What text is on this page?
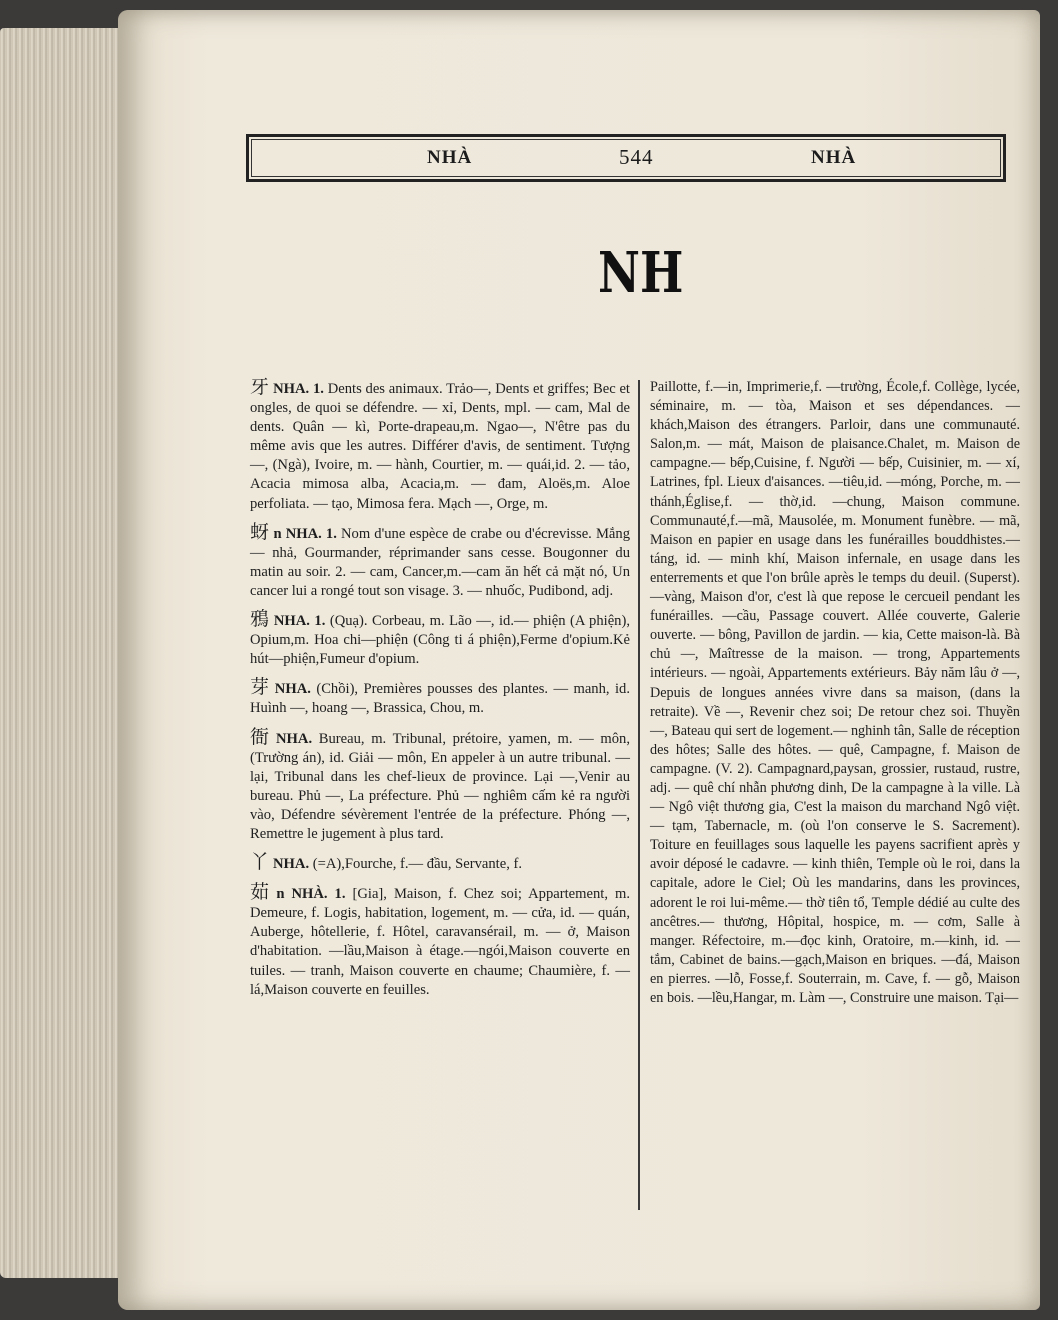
NHÀ	544	NHÀ
NH

牙 NHA. 1. Dents des animaux. Trảo—, Dents et griffes; Bec et ongles, de quoi se défendre. — xỉ, Dents, mpl. — cam, Mal de dents. Quân — kì, Porte-drapeau,m. Ngao—, N'être pas du même avis que les autres. Différer d'avis, de sentiment. Tượng —, (Ngà), Ivoire, m. — hành, Courtier, m. — quái,id. 2. — tảo, Acacia mimosa alba, Acacia,m. — đam, Aloës,m. Aloe perfoliata. — tạo, Mimosa fera. Mạch —, Orge, m.

蚜 n NHA. 1. Nom d'une espèce de crabe ou d'écrevisse. Mắng— nhả, Gourmander, réprimander sans cesse. Bougonner du matin au soir. 2. — cam, Cancer,m.—cam ăn hết cả mặt nó, Un cancer lui a rongé tout son visage. 3. — nhuốc, Pudibond, adj.

鴉 NHA. 1. (Quạ). Corbeau, m. Lão —, id.— phiện (A phiện), Opium,m. Hoa chi—phiện (Công ti á phiện),Ferme d'opium.Kẻ hút—phiện,Fumeur d'opium.

芽 NHA. (Chồi), Premières pousses des plantes. — manh, id. Huình —, hoang —, Brassica, Chou, m.

衙 NHA. Bureau, m. Tribunal, prétoire, yamen, m. — môn, (Trường án), id. Giải — môn, En appeler à un autre tribunal. — lại, Tribunal dans les chef-lieux de province. Lại —,Venir au bureau. Phủ —, La préfecture. Phủ — nghiêm cấm kẻ ra người vào, Défendre sévèrement l'entrée de la préfecture. Phóng —, Remettre le jugement à plus tard.

丫 NHA. (=A),Fourche, f.— đầu, Servante, f.

茹 n NHÀ. 1. [Gia], Maison, f. Chez soi; Appartement, m. Demeure, f. Logis, habitation, logement, m. — cửa, id. — quán, Auberge, hôtellerie, f. Hôtel, caravansérail, m. — ở, Maison d'habitation. —lầu,Maison à étage.—ngói,Maison couverte en tuiles. — tranh, Maison couverte en chaume; Chaumière, f. —lá,Maison couverte en feuilles.

Paillotte, f.—in, Imprimerie,f. —trường, École,f. Collège, lycée, séminaire, m. — tòa, Maison et ses dépendances. — khách,Maison des étrangers. Parloir, dans une communauté. Salon,m. — mát, Maison de plaisance.Chalet, m. Maison de campagne.— bếp,Cuisine, f. Người — bếp, Cuisinier, m. — xí, Latrines, fpl. Lieux d'aisances. —tiêu,id. —móng, Porche, m. — thánh,Église,f. — thờ,id. —chung, Maison commune. Communauté,f.—mã, Mausolée, m. Monument funèbre. — mã, Maison en papier en usage dans les funérailles bouddhistes.— táng, id. — minh khí, Maison infernale, en usage dans les enterrements et que l'on brûle après le temps du deuil. (Superst). —vàng, Maison d'or, c'est là que repose le cercueil pendant les funérailles. —cầu, Passage couvert. Allée couverte, Galerie ouverte. — bông, Pavillon de jardin. — kia, Cette maison-là. Bà chủ —, Maîtresse de la maison. — trong, Appartements intérieurs. — ngoài, Appartements extérieurs. Bảy năm lâu ở —, Depuis de longues années vivre dans sa maison, (dans la retraite). Về —, Revenir chez soi; De retour chez soi. Thuyền —, Bateau qui sert de logement.— nghinh tân, Salle de réception des hôtes; Salle des hôtes. — quê, Campagne, f. Maison de campagne. (V. 2). Campagnard,paysan, grossier, rustaud, rustre, adj. — quê chí nhẫn phương dinh, De la campagne à la ville. Là — Ngô việt thương gia, C'est la maison du marchand Ngô việt. — tạm, Tabernacle, m. (où l'on conserve le S. Sacrement). Toiture en feuillages sous laquelle les payens sacrifient après y avoir déposé le cadavre. — kinh thiên, Temple où le roi, dans la capitale, adore le Ciel; Où les mandarins, dans les provinces, adorent le roi lui-même.— thờ tiên tổ, Temple dédié au culte des ancêtres.— thương, Hôpital, hospice, m. — cơm, Salle à manger. Réfectoire, m.—đọc kinh, Oratoire, m.—kinh, id. —tắm, Cabinet de bains.—gạch,Maison en briques. —đá, Maison en pierres. —lỗ, Fosse,f. Souterrain, m. Cave, f. — gỗ, Maison en bois. —lều,Hangar, m. Làm —, Construire une maison. Tại—
